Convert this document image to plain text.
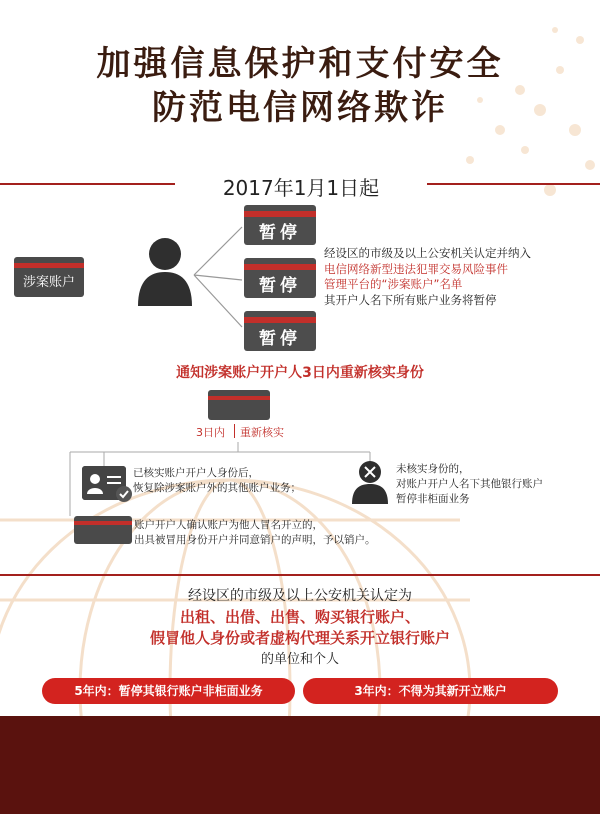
加强信息保护和支付安全
防范电信网络欺诈
2017年1月1日起
涉案账户
暂停
暂停
暂停
经设区的市级及以上公安机关认定并纳入
电信网络新型违法犯罪交易风险事件
管理平台的“涉案账户”名单
其开户人名下所有账户业务将暂停
通知涉案账户开户人3日内重新核实身份
3日内	重新核实
已核实账户开户人身份后，
恢复除涉案账户外的其他账户业务；
未核实身份的，
对账户开户人名下其他银行账户
暂停非柜面业务
账户开户人确认账户为他人冒名开立的，
出具被冒用身份开户并同意销户的声明，予以销户。
经设区的市级及以上公安机关认定为
出租、出借、出售、购买银行账户、
假冒他人身份或者虚构代理关系开立银行账户
的单位和个人
5年内：暂停其银行账户非柜面业务	3年内：不得为其新开立账户
